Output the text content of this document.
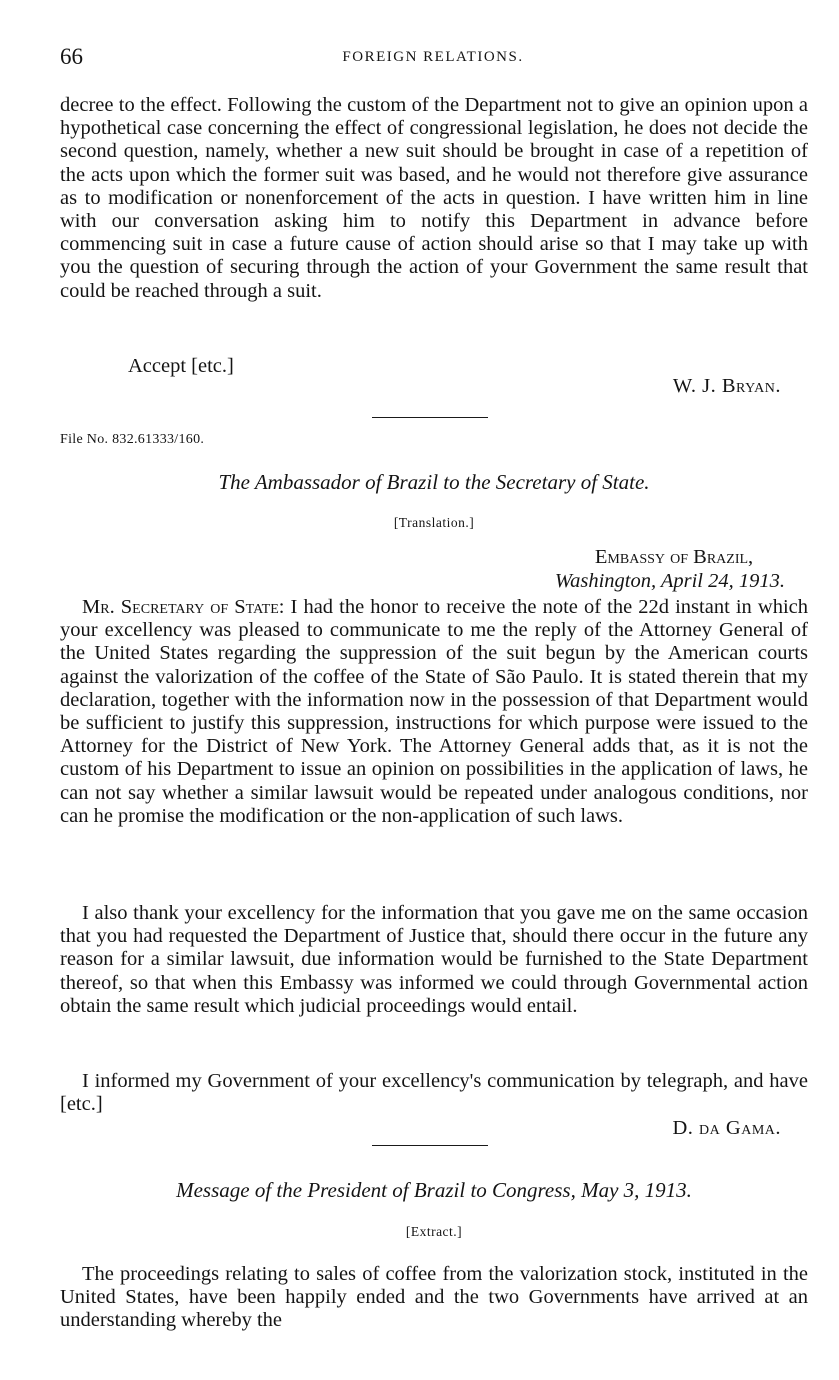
66	FOREIGN RELATIONS.

decree to the effect. Following the custom of the Department not to give an opinion upon a hypothetical case concerning the effect of congressional legislation, he does not decide the second question, namely, whether a new suit should be brought in case of a repetition of the acts upon which the former suit was based, and he would not therefore give assurance as to modification or nonenforcement of the acts in question. I have written him in line with our conversation asking him to notify this Department in advance before commencing suit in case a future cause of action should arise so that I may take up with you the question of securing through the action of your Government the same result that could be reached through a suit.

Accept [etc.]

W. J. Bryan.
File No. 832.61333/160.
The Ambassador of Brazil to the Secretary of State.
[Translation.]
Embassy of Brazil,
Washington, April 24, 1913.

Mr. Secretary of State: I had the honor to receive the note of the 22d instant in which your excellency was pleased to communicate to me the reply of the Attorney General of the United States regarding the suppression of the suit begun by the American courts against the valorization of the coffee of the State of São Paulo. It is stated therein that my declaration, together with the information now in the possession of that Department would be sufficient to justify this suppression, instructions for which purpose were issued to the Attorney for the District of New York. The Attorney General adds that, as it is not the custom of his Department to issue an opinion on possibilities in the application of laws, he can not say whether a similar lawsuit would be repeated under analogous conditions, nor can he promise the modification or the non-application of such laws.

I also thank your excellency for the information that you gave me on the same occasion that you had requested the Department of Justice that, should there occur in the future any reason for a similar lawsuit, due information would be furnished to the State Department thereof, so that when this Embassy was informed we could through Governmental action obtain the same result which judicial proceedings would entail.

I informed my Government of your excellency's communication by telegraph, and have [etc.]

D. da Gama.
Message of the President of Brazil to Congress, May 3, 1913.
[Extract.]

The proceedings relating to sales of coffee from the valorization stock, instituted in the United States, have been happily ended and the two Governments have arrived at an understanding whereby the
